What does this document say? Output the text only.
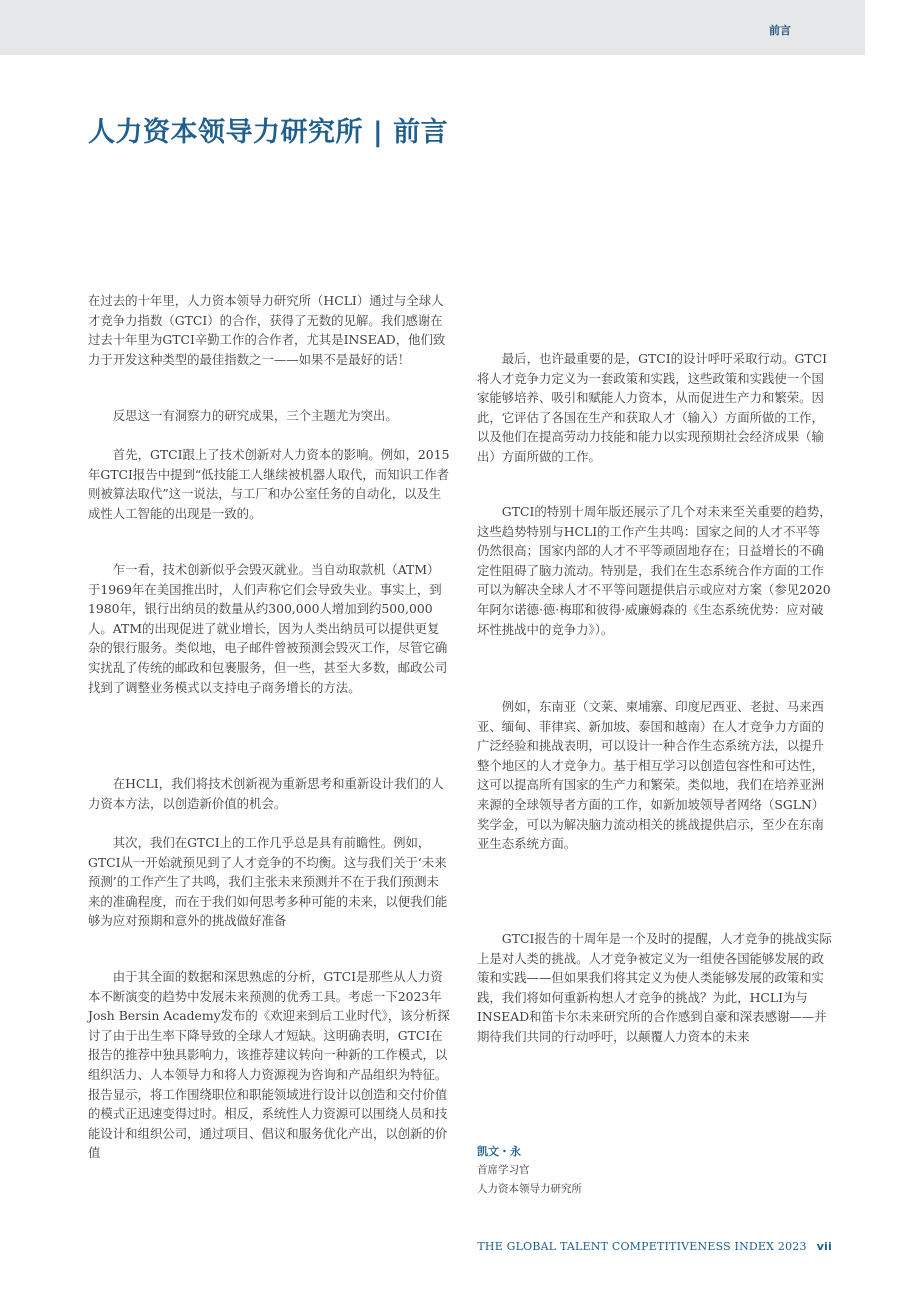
前言
人力资本领导力研究所 | 前言

在过去的十年里，人力资本领导力研究所（HCLI）通过与全球人才竞争力指数（GTCI）的合作，获得了无数的见解。我们感谢在过去十年里为GTCI辛勤工作的合作者，尤其是INSEAD，他们致力于开发这种类型的最佳指数之一——如果不是最好的话！

反思这一有洞察力的研究成果，三个主题尤为突出。

首先，GTCI跟上了技术创新对人力资本的影响。例如，2015年GTCI报告中提到“低技能工人继续被机器人取代，而知识工作者则被算法取代”这一说法，与工厂和办公室任务的自动化，以及生成性人工智能的出现是一致的。

乍一看，技术创新似乎会毁灭就业。当自动取款机（ATM）于1969年在美国推出时，人们声称它们会导致失业。事实上，到1980年，银行出纳员的数量从约300,000人增加到约500,000人。ATM的出现促进了就业增长，因为人类出纳员可以提供更复杂的银行服务。类似地，电子邮件曾被预测会毁灭工作，尽管它确实扰乱了传统的邮政和包裹服务，但一些，甚至大多数，邮政公司找到了调整业务模式以支持电子商务增长的方法。

在HCLI，我们将技术创新视为重新思考和重新设计我们的人力资本方法，以创造新价值的机会。

其次，我们在GTCI上的工作几乎总是具有前瞻性。例如，GTCI从一开始就预见到了人才竞争的不均衡。这与我们关于‘未来预测’的工作产生了共鸣，我们主张未来预测并不在于我们预测未来的准确程度，而在于我们如何思考多种可能的未来，以便我们能够为应对预期和意外的挑战做好准备

由于其全面的数据和深思熟虑的分析，GTCI是那些从人力资本不断演变的趋势中发展未来预测的优秀工具。考虑一下2023年Josh Bersin Academy发布的《欢迎来到后工业时代》，该分析探讨了由于出生率下降导致的全球人才短缺。这明确表明，GTCI在报告的推荐中独具影响力，该推荐建议转向一种新的工作模式，以组织活力、人本领导力和将人力资源视为咨询和产品组织为特征。报告显示，将工作围绕职位和职能领域进行设计以创造和交付价值的模式正迅速变得过时。相反，系统性人力资源可以围绕人员和技能设计和组织公司，通过项目、倡议和服务优化产出，以创新的价值

最后，也许最重要的是，GTCI的设计呼吁采取行动。GTCI将人才竞争力定义为一套政策和实践，这些政策和实践使一个国家能够培养、吸引和赋能人力资本，从而促进生产力和繁荣。因此，它评估了各国在生产和获取人才（输入）方面所做的工作，以及他们在提高劳动力技能和能力以实现预期社会经济成果（输出）方面所做的工作。

GTCI的特别十周年版还展示了几个对未来至关重要的趋势，这些趋势特别与HCLI的工作产生共鸣：国家之间的人才不平等仍然很高；国家内部的人才不平等顽固地存在；日益增长的不确定性阻碍了脑力流动。特别是，我们在生态系统合作方面的工作可以为解决全球人才不平等问题提供启示或应对方案（参见2020年阿尔诺德·德·梅耶和彼得·威廉姆森的《生态系统优势：应对破坏性挑战中的竞争力》）。

例如，东南亚（文莱、柬埔寨、印度尼西亚、老挝、马来西亚、缅甸、菲律宾、新加坡、泰国和越南）在人才竞争力方面的广泛经验和挑战表明，可以设计一种合作生态系统方法，以提升整个地区的人才竞争力。基于相互学习以创造包容性和可达性，这可以提高所有国家的生产力和繁荣。类似地，我们在培养亚洲来源的全球领导者方面的工作，如新加坡领导者网络（SGLN）奖学金，可以为解决脑力流动相关的挑战提供启示，至少在东南亚生态系统方面。

GTCI报告的十周年是一个及时的提醒，人才竞争的挑战实际上是对人类的挑战。人才竞争被定义为一组使各国能够发展的政策和实践——但如果我们将其定义为使人类能够发展的政策和实践，我们将如何重新构想人才竞争的挑战？为此，HCLI为与INSEAD和笛卡尔未来研究所的合作感到自豪和深表感谢——并期待我们共同的行动呼吁，以颠覆人力资本的未来

凯文・永
首席学习官
人力资本领导力研究所
THE GLOBAL TALENT COMPETITIVENESS INDEX 2023 vii
